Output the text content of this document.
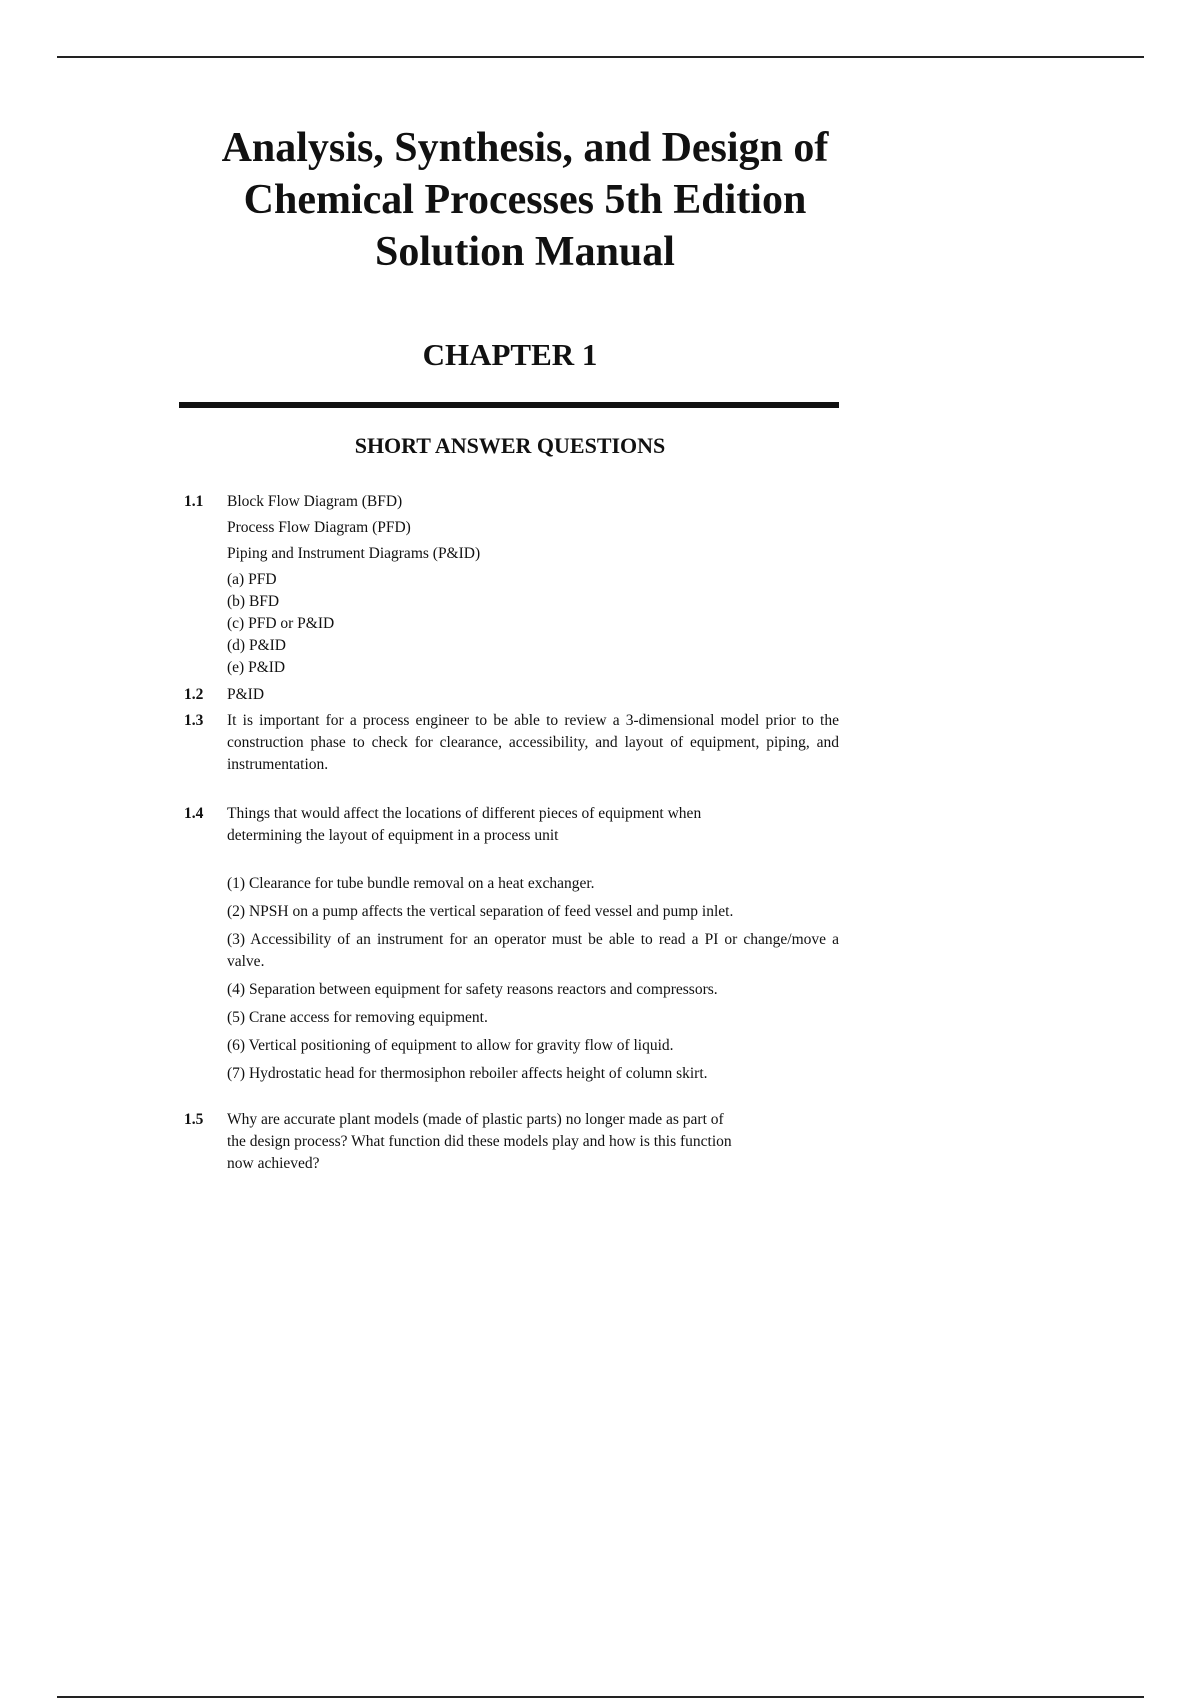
Analysis, Synthesis, and Design of
Chemical Processes 5th Edition
Solution Manual
CHAPTER 1
SHORT ANSWER QUESTIONS
1.1	Block Flow Diagram (BFD)
Process Flow Diagram (PFD)
Piping and Instrument Diagrams (P&ID)
(a) PFD
(b) BFD
(c) PFD or P&ID
(d) P&ID
(e) P&ID
1.2	P&ID
1.3	It is important for a process engineer to be able to review a 3-dimensional model prior to the construction phase to check for clearance, accessibility, and layout of equipment, piping, and instrumentation.
1.4	Things that would affect the locations of different pieces of equipment when
determining the layout of equipment in a process unit
(1) Clearance for tube bundle removal on a heat exchanger.
(2) NPSH on a pump affects the vertical separation of feed vessel and pump inlet.
(3) Accessibility of an instrument for an operator must be able to read a PI or change/move a valve.
(4) Separation between equipment for safety reasons reactors and compressors.
(5) Crane access for removing equipment.
(6) Vertical positioning of equipment to allow for gravity flow of liquid.
(7) Hydrostatic head for thermosiphon reboiler affects height of column skirt.
1.5	Why are accurate plant models (made of plastic parts) no longer made as part of
the design process? What function did these models play and how is this function
now achieved?
